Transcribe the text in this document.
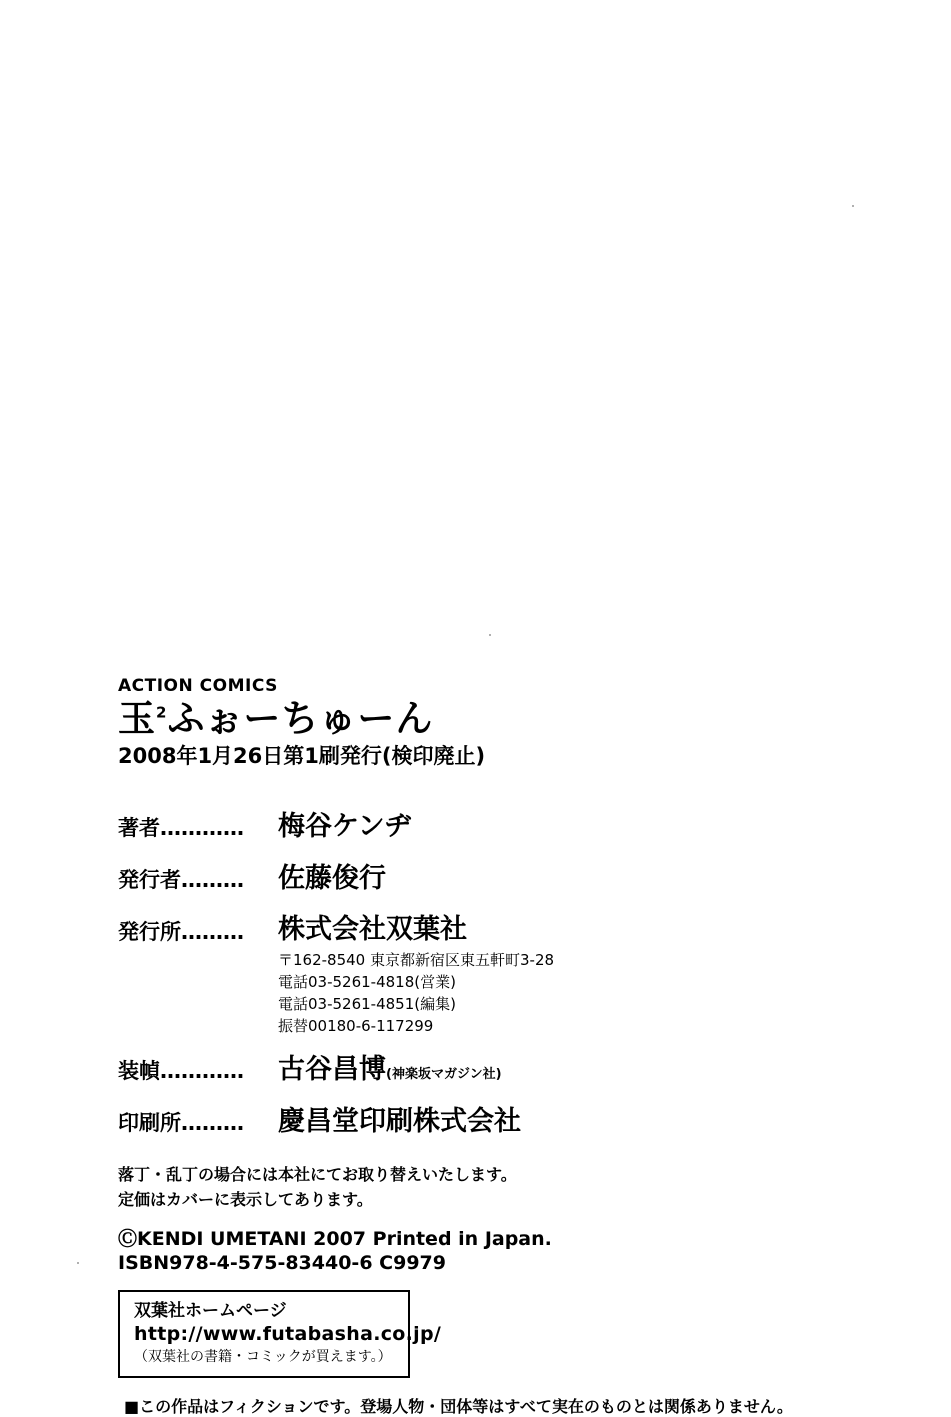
ACTION COMICS
玉$^2$ふぉーちゅーん
2008年1月26日第1刷発行(検印廃止)
著者…………	梅谷ケンヂ
発行者………	佐藤俊行
発行所………	株式会社双葉社
〒162-8540 東京都新宿区東五軒町3-28
電話03-5261-4818(営業)
電話03-5261-4851(編集)
振替00180-6-117299
装幀…………	古谷昌博(神楽坂マガジン社)
印刷所………	慶昌堂印刷株式会社
落丁・乱丁の場合には本社にてお取り替えいたします。
定価はカバーに表示してあります。
ⒸKENDI UMETANI 2007 Printed in Japan.
ISBN978-4-575-83440-6 C9979
双葉社ホームページ
http://www.futabasha.co.jp/
（双葉社の書籍・コミックが買えます。）
■この作品はフィクションです。登場人物・団体等はすべて実在のものとは関係ありません。
